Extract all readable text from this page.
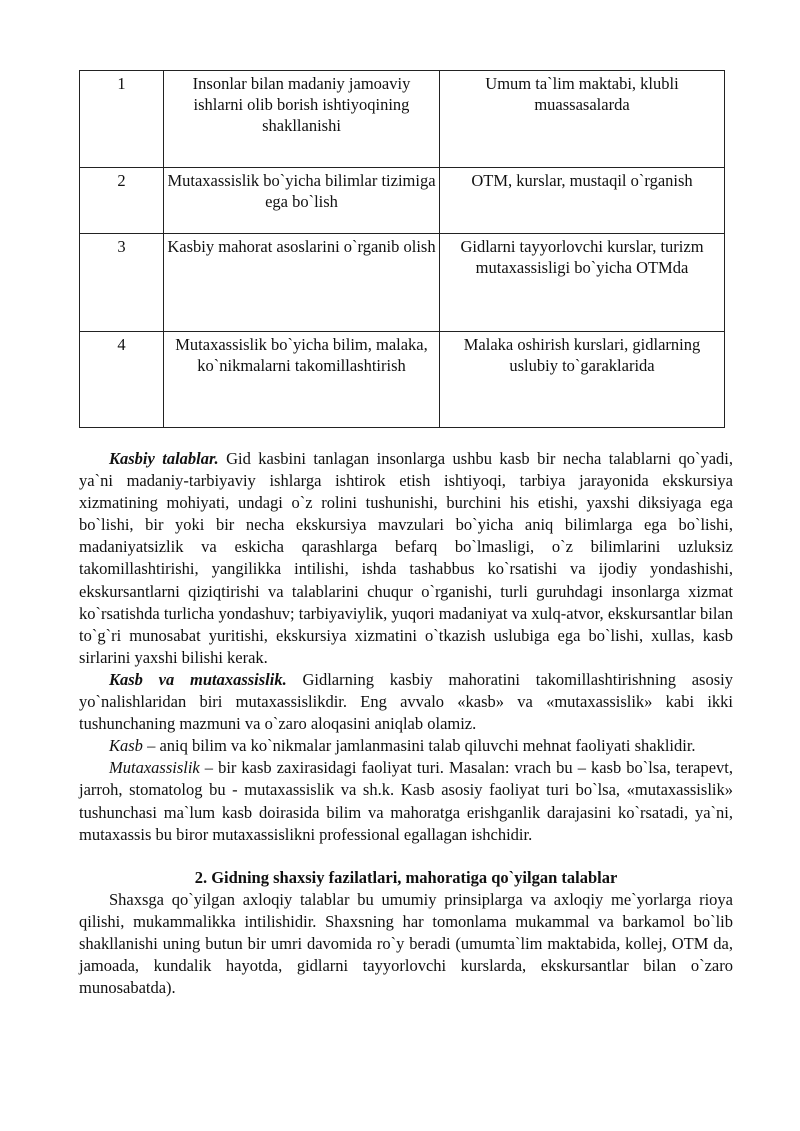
1	Insonlar bilan madaniy jamoaviy ishlarni olib borish ishtiyoqining shakllanishi	Umum ta`lim maktabi, klubli muassasalarda
2	Mutaxassislik bo`yicha bilimlar tizimiga ega bo`lish	OTM, kurslar, mustaqil o`rganish
3	Kasbiy mahorat asoslarini o`rganib olish	Gidlarni tayyorlovchi kurslar, turizm mutaxassisligi bo`yicha OTMda
4	Mutaxassislik bo`yicha bilim, malaka, ko`nikmalarni takomillashtirish	Malaka oshirish kurslari, gidlarning uslubiy to`garaklarida

Kasbiy talablar. Gid kasbini tanlagan insonlarga ushbu kasb bir necha talablarni qo`yadi, ya`ni madaniy-tarbiyaviy ishlarga ishtirok etish ishtiyoqi, tarbiya jarayonida ekskursiya xizmatining mohiyati, undagi o`z rolini tushunishi, burchini his etishi, yaxshi diksiyaga ega bo`lishi, bir yoki bir necha ekskursiya mavzulari bo`yicha aniq bilimlarga ega bo`lishi, madaniyatsizlik va eskicha qarashlarga befarq bo`lmasligi, o`z bilimlarini uzluksiz takomillashtirishi, yangilikka intilishi, ishda tashabbus ko`rsatishi va ijodiy yondashishi, ekskursantlarni qiziqtirishi va talablarini chuqur o`rganishi, turli guruhdagi insonlarga xizmat ko`rsatishda turlicha yondashuv; tarbiyaviylik, yuqori madaniyat va xulq-atvor, ekskursantlar bilan to`g`ri munosabat yuritishi, ekskursiya xizmatini o`tkazish uslubiga ega bo`lishi, xullas, kasb sirlarini yaxshi bilishi kerak.

Kasb va mutaxassislik. Gidlarning kasbiy mahoratini takomillashtirishning asosiy yo`nalishlaridan biri mutaxassislikdir. Eng avvalo «kasb» va «mutaxassislik» kabi ikki tushunchaning mazmuni va o`zaro aloqasini aniqlab olamiz.

Kasb – aniq bilim va ko`nikmalar jamlanmasini talab qiluvchi mehnat faoliyati shaklidir.

Mutaxassislik – bir kasb zaxirasidagi faoliyat turi. Masalan: vrach bu – kasb bo`lsa, terapevt, jarroh, stomatolog bu - mutaxassislik va sh.k. Kasb asosiy faoliyat turi bo`lsa, «mutaxassislik» tushunchasi ma`lum kasb doirasida bilim va mahoratga erishganlik darajasini ko`rsatadi, ya`ni, mutaxassis bu biror mutaxassislikni professional egallagan ishchidir.

2. Gidning shaxsiy fazilatlari, mahoratiga qo`yilgan talablar

Shaxsga qo`yilgan axloqiy talablar bu umumiy prinsiplarga va axloqiy me`yorlarga rioya qilishi, mukammalikka intilishidir. Shaxsning har tomonlama mukammal va barkamol bo`lib shakllanishi uning butun bir umri davomida ro`y beradi (umumta`lim maktabida, kollej, OTM da, jamoada, kundalik hayotda, gidlarni tayyorlovchi kurslarda, ekskursantlar bilan o`zaro munosabatda).
